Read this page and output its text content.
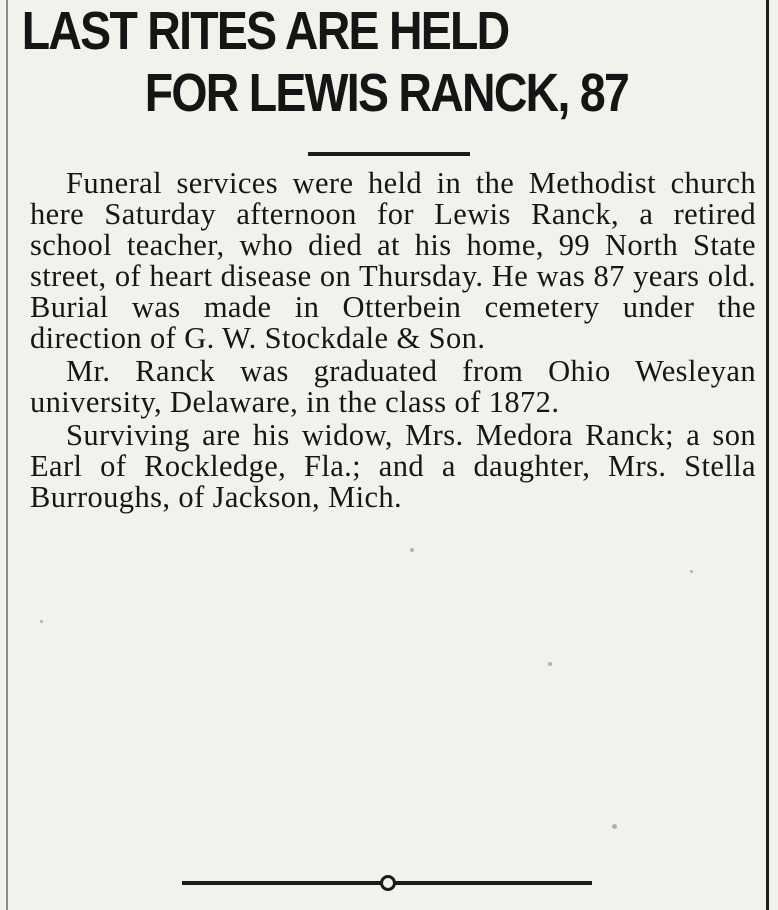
LAST RITES ARE HELD
FOR LEWIS RANCK, 87

Funeral services were held in the Methodist church here Saturday afternoon for Lewis Ranck, a retired school teacher, who died at his home, 99 North State street, of heart disease on Thursday. He was 87 years old. Burial was made in Otterbein cemetery under the direction of G. W. Stockdale & Son.

Mr. Ranck was graduated from Ohio Wesleyan university, Delaware, in the class of 1872.

Surviving are his widow, Mrs. Medora Ranck; a son Earl of Rockledge, Fla.; and a daughter, Mrs. Stella Burroughs, of Jackson, Mich.
